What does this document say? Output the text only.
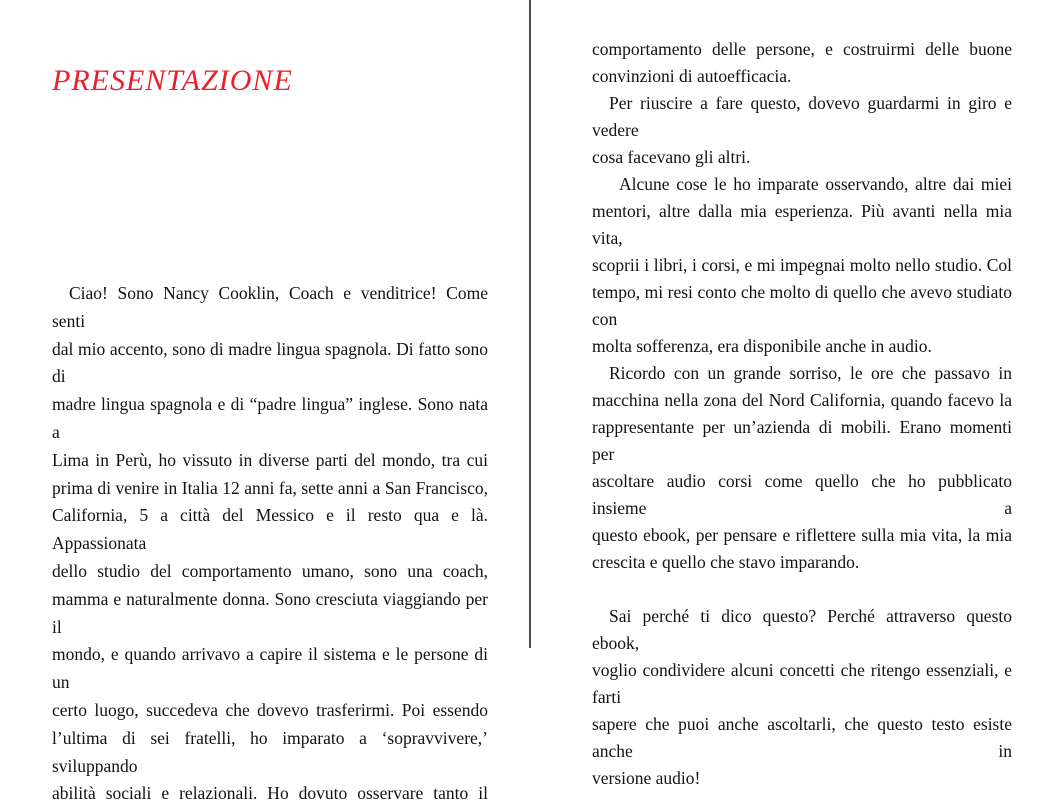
PRESENTAZIONE
Ciao! Sono Nancy Cooklin, Coach e venditrice! Come senti
dal mio accento, sono di madre lingua spagnola. Di fatto sono di
madre lingua spagnola e di “padre lingua” inglese. Sono nata a
Lima in Perù, ho vissuto in diverse parti del mondo, tra cui
prima di venire in Italia 12 anni fa, sette anni a San Francisco,
California, 5 a città del Messico e il resto qua e là. Appassionata
dello studio del comportamento umano, sono una coach,
mamma e naturalmente donna. Sono cresciuta viaggiando per il
mondo, e quando arrivavo a capire il sistema e le persone di un
certo luogo, succedeva che dovevo trasferirmi. Poi essendo
l’ultima di sei fratelli, ho imparato a ‘sopravvivere,’ sviluppando
abilità sociali e relazionali. Ho dovuto osservare tanto il
comportamento delle persone, e costruirmi delle buone
convinzioni di autoefficacia.
Per riuscire a fare questo, dovevo guardarmi in giro e vedere
cosa facevano gli altri.
Alcune cose le ho imparate osservando, altre dai miei
mentori, altre dalla mia esperienza. Più avanti nella mia vita,
scoprii i libri, i corsi, e mi impegnai molto nello studio. Col
tempo, mi resi conto che molto di quello che avevo studiato con
molta sofferenza, era disponibile anche in audio.
Ricordo con un grande sorriso, le ore che passavo in
macchina nella zona del Nord California, quando facevo la
rappresentante per un’azienda di mobili. Erano momenti per
ascoltare audio corsi come quello che ho pubblicato insieme a
questo ebook, per pensare e riflettere sulla mia vita, la mia
crescita e quello che stavo imparando.
Sai perché ti dico questo? Perché attraverso questo ebook,
voglio condividere alcuni concetti che ritengo essenziali, e farti
sapere che puoi anche ascoltarli, che questo testo esiste anche in
versione audio!
